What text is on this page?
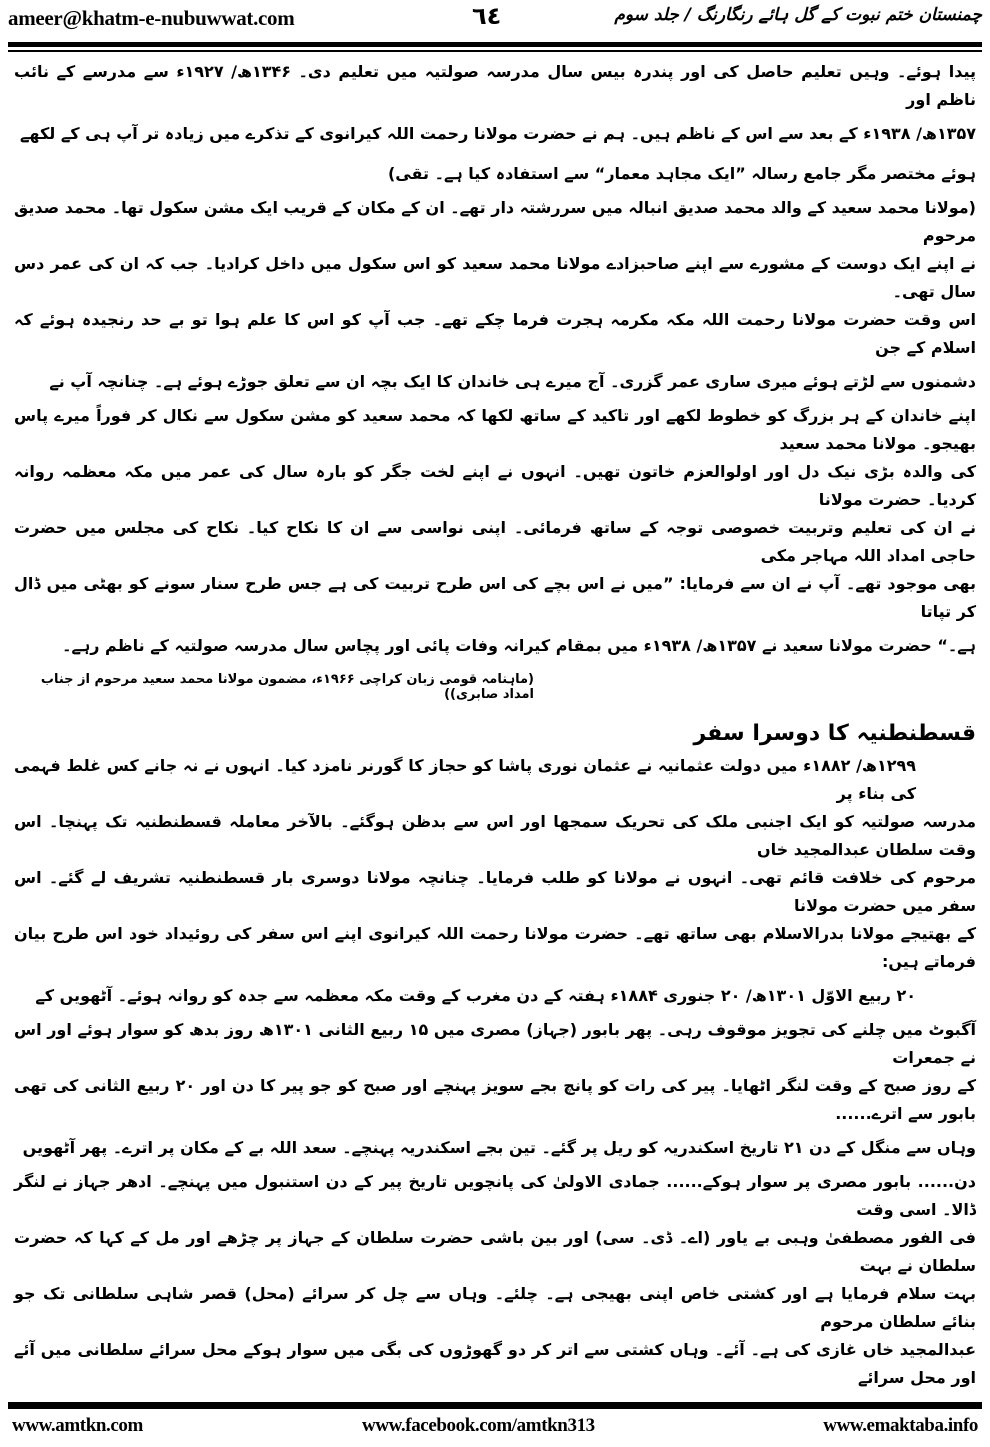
ameer@khatm-e-nubuwwat.com	٦٤	چمنستان ختم نبوت کے گل ہائے رنگارنگ / جلد سوم
پیدا ہوئے۔ وہیں تعلیم حاصل کی اور پندرہ بیس سال مدرسہ صولتیہ میں تعلیم دی۔ ۱۳۴۶ھ/ ۱۹۲۷ء سے مدرسے کے نائب ناظم اور
۱۳۵۷ھ/ ۱۹۳۸ء کے بعد سے اس کے ناظم ہیں۔ ہم نے حضرت مولانا رحمت اللہ کیرانوی کے تذکرے میں زیادہ تر آپ ہی کے لکھے
ہوئے مختصر مگر جامع رسالہ ”ایک مجاہد معمار“ سے استفادہ کیا ہے۔ تقی)
(مولانا محمد سعید کے والد محمد صدیق انبالہ میں سررشتہ دار تھے۔ ان کے مکان کے قریب ایک مشن سکول تھا۔ محمد صدیق مرحوم
نے اپنے ایک دوست کے مشورے سے اپنے صاحبزادے مولانا محمد سعید کو اس سکول میں داخل کرادیا۔ جب کہ ان کی عمر دس سال تھی۔
اس وقت حضرت مولانا رحمت اللہ مکہ مکرمہ ہجرت فرما چکے تھے۔ جب آپ کو اس کا علم ہوا تو بے حد رنجیدہ ہوئے کہ اسلام کے جن
دشمنوں سے لڑتے ہوئے میری ساری عمر گزری۔ آج میرے ہی خاندان کا ایک بچہ ان سے تعلق جوڑے ہوئے ہے۔ چنانچہ آپ نے
اپنے خاندان کے ہر بزرگ کو خطوط لکھے اور تاکید کے ساتھ لکھا کہ محمد سعید کو مشن سکول سے نکال کر فوراً میرے پاس بھیجو۔ مولانا محمد سعید
کی والدہ بڑی نیک دل اور اولوالعزم خاتون تھیں۔ انہوں نے اپنے لخت جگر کو بارہ سال کی عمر میں مکہ معظمہ روانہ کردیا۔ حضرت مولانا
نے ان کی تعلیم وتربیت خصوصی توجہ کے ساتھ فرمائی۔ اپنی نواسی سے ان کا نکاح کیا۔ نکاح کی مجلس میں حضرت حاجی امداد اللہ مہاجر مکی
بھی موجود تھے۔ آپ نے ان سے فرمایا: ”میں نے اس بچے کی اس طرح تربیت کی ہے جس طرح سنار سونے کو بھٹی میں ڈال کر تپاتا
ہے۔“ حضرت مولانا سعید نے ۱۳۵۷ھ/ ۱۹۳۸ء میں بمقام کیرانہ وفات پائی اور پچاس سال مدرسہ صولتیہ کے ناظم رہے۔
(ماہنامہ قومی زبان کراچی ۱۹۶۶ء، مضمون مولانا محمد سعید مرحوم از جناب امداد صابری))
قسطنطنیہ کا دوسرا سفر
۱۲۹۹ھ/ ۱۸۸۲ء میں دولت عثمانیہ نے عثمان نوری پاشا کو حجاز کا گورنر نامزد کیا۔ انہوں نے نہ جانے کس غلط فہمی کی بناء پر
مدرسہ صولتیہ کو ایک اجنبی ملک کی تحریک سمجھا اور اس سے بدظن ہوگئے۔ بالآخر معاملہ قسطنطنیہ تک پہنچا۔ اس وقت سلطان عبدالمجید خاں
مرحوم کی خلافت قائم تھی۔ انہوں نے مولانا کو طلب فرمایا۔ چنانچہ مولانا دوسری بار قسطنطنیہ تشریف لے گئے۔ اس سفر میں حضرت مولانا
کے بھتیجے مولانا بدرالاسلام بھی ساتھ تھے۔ حضرت مولانا رحمت اللہ کیرانوی اپنے اس سفر کی روئیداد خود اس طرح بیان فرماتے ہیں:
۲۰ ربیع الاوّل ۱۳۰۱ھ/ ۲۰ جنوری ۱۸۸۴ء ہفتہ کے دن مغرب کے وقت مکہ معظمہ سے جدہ کو روانہ ہوئے۔ آٹھویں کے
آگبوٹ میں چلنے کی تجویز موقوف رہی۔ پھر بابور (جہاز) مصری میں ۱۵ ربیع الثانی ۱۳۰۱ھ روز بدھ کو سوار ہوئے اور اس نے جمعرات
کے روز صبح کے وقت لنگر اٹھایا۔ پیر کی رات کو پانچ بجے سویز پہنچے اور صبح کو جو پیر کا دن اور ۲۰ ربیع الثانی کی تھی بابور سے اترے......
وہاں سے منگل کے دن ۲۱ تاریخ اسکندریہ کو ریل پر گئے۔ تین بجے اسکندریہ پہنچے۔ سعد اللہ بے کے مکان پر اترے۔ پھر آٹھویں
دن...... بابور مصری پر سوار ہوکے...... جمادی الاولیٰ کی پانچویں تاریخ پیر کے دن استنبول میں پہنچے۔ ادھر جہاز نے لنگر ڈالا۔ اسی وقت
فی الفور مصطفیٰ وہبی بے یاور (اے۔ ڈی۔ سی) اور بین باشی حضرت سلطان کے جہاز پر چڑھے اور مل کے کہا کہ حضرت سلطان نے بہت
بہت سلام فرمایا ہے اور کشتی خاص اپنی بھیجی ہے۔ چلئے۔ وہاں سے چل کر سرائے (محل) قصر شاہی سلطانی تک جو بنائے سلطان مرحوم
عبدالمجید خاں غازی کی ہے۔ آئے۔ وہاں کشتی سے اتر کر دو گھوڑوں کی بگی میں سوار ہوکے محل سرائے سلطانی میں آئے اور محل سرائے
www.amtkn.com	www.facebook.com/amtkn313	www.emaktaba.info
